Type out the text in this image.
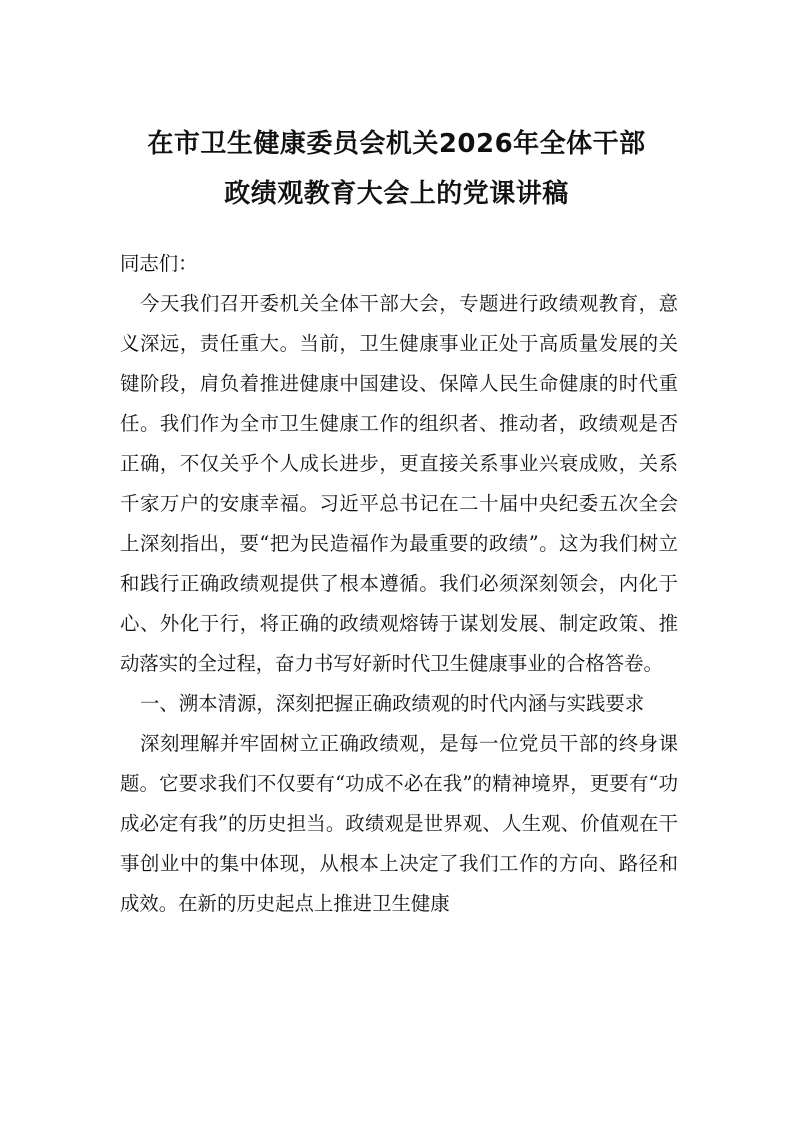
在市卫生健康委员会机关2026年全体干部
政绩观教育大会上的党课讲稿

同志们：

今天我们召开委机关全体干部大会，专题进行政绩观教育，意义深远，责任重大。当前，卫生健康事业正处于高质量发展的关键阶段，肩负着推进健康中国建设、保障人民生命健康的时代重任。我们作为全市卫生健康工作的组织者、推动者，政绩观是否正确，不仅关乎个人成长进步，更直接关系事业兴衰成败，关系千家万户的安康幸福。习近平总书记在二十届中央纪委五次全会上深刻指出，要“把为民造福作为最重要的政绩”。这为我们树立和践行正确政绩观提供了根本遵循。我们必须深刻领会，内化于心、外化于行，将正确的政绩观熔铸于谋划发展、制定政策、推动落实的全过程，奋力书写好新时代卫生健康事业的合格答卷。

一、溯本清源，深刻把握正确政绩观的时代内涵与实践要求

深刻理解并牢固树立正确政绩观，是每一位党员干部的终身课题。它要求我们不仅要有“功成不必在我”的精神境界，更要有“功成必定有我”的历史担当。政绩观是世界观、人生观、价值观在干事创业中的集中体现，从根本上决定了我们工作的方向、路径和成效。在新的历史起点上推进卫生健康
